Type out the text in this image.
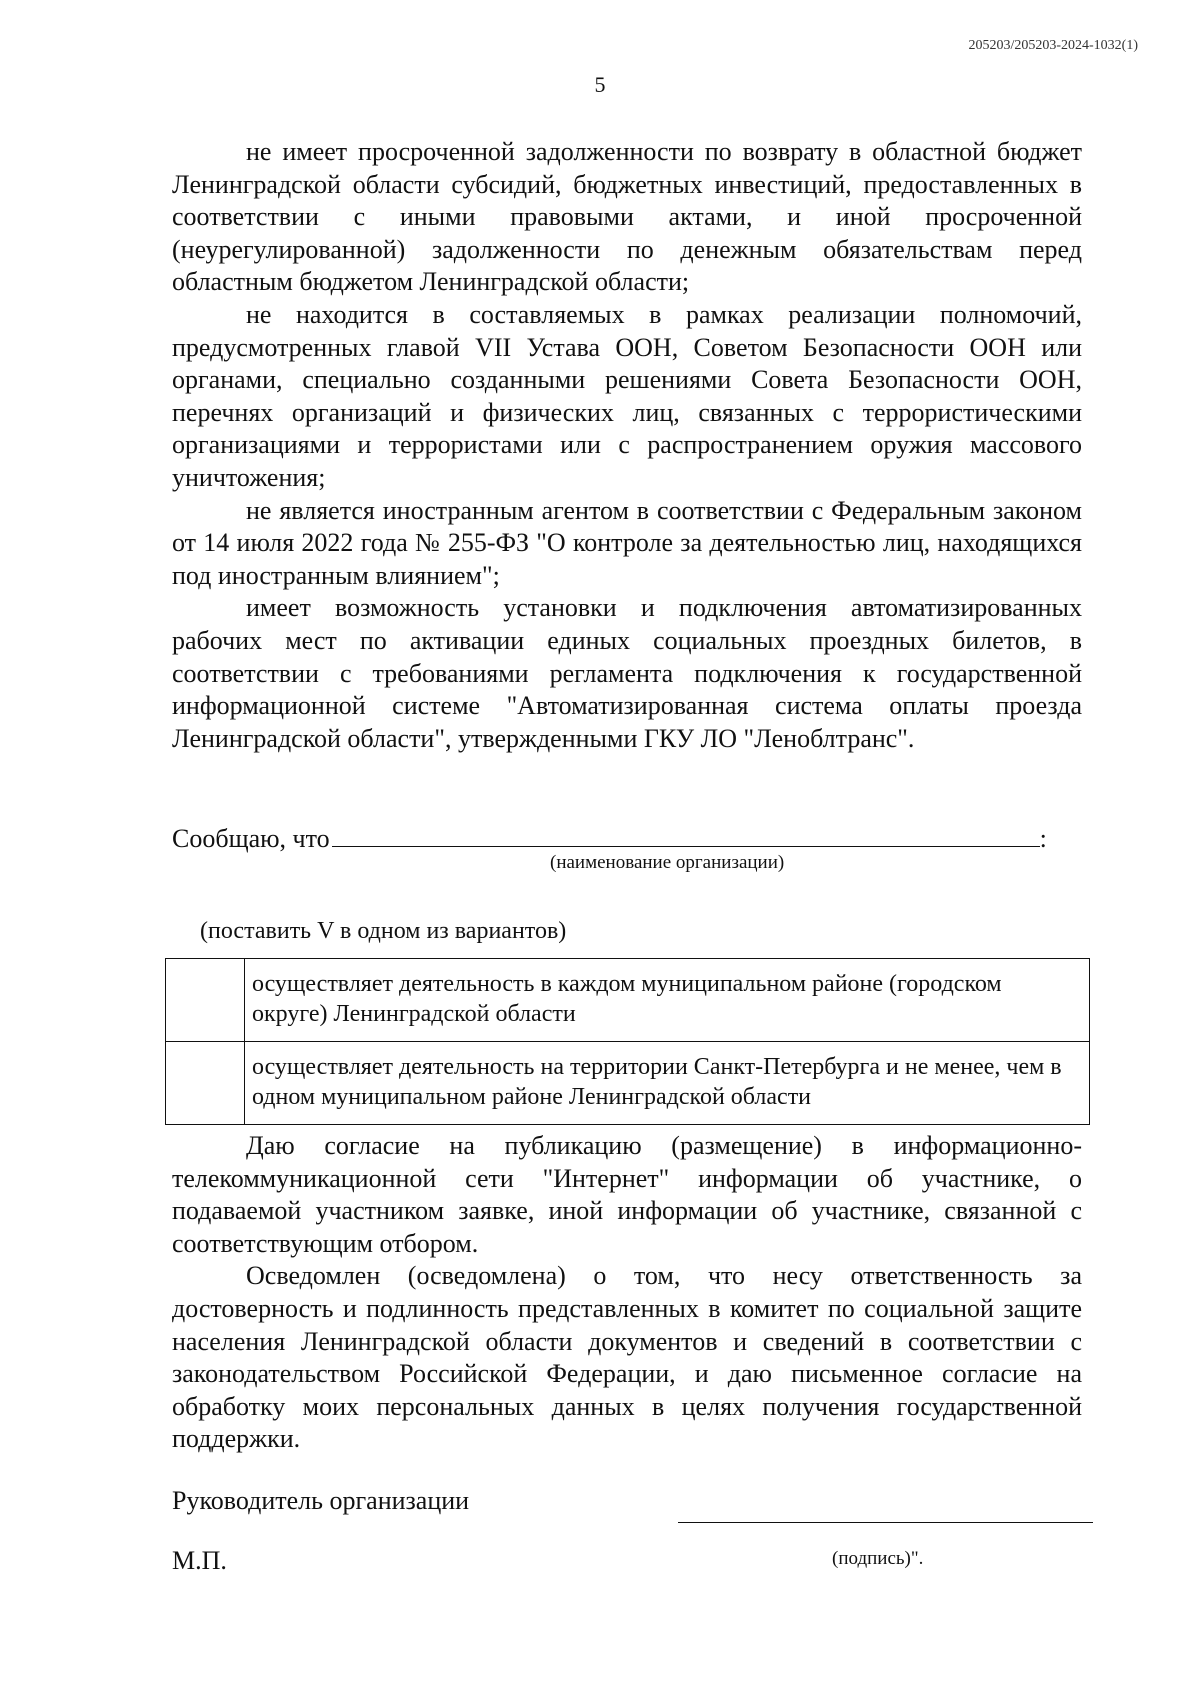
205203/205203-2024-1032(1)
5

не имеет просроченной задолженности по возврату в областной бюджет Ленинградской области субсидий, бюджетных инвестиций, предоставленных в соответствии с иными правовыми актами, и иной просроченной (неурегулированной) задолженности по денежным обязательствам перед областным бюджетом Ленинградской области;

не находится в составляемых в рамках реализации полномочий, предусмотренных главой VII Устава ООН, Советом Безопасности ООН или органами, специально созданными решениями Совета Безопасности ООН, перечнях организаций и физических лиц, связанных с террористическими организациями и террористами или с распространением оружия массового уничтожения;

не является иностранным агентом в соответствии с Федеральным законом от 14 июля 2022 года № 255-ФЗ "О контроле за деятельностью лиц, находящихся под иностранным влиянием";

имеет возможность установки и подключения автоматизированных рабочих мест по активации единых социальных проездных билетов, в соответствии с требованиями регламента подключения к государственной информационной системе "Автоматизированная система оплаты проезда Ленинградской области", утвержденными ГКУ ЛО "Леноблтранс".

Сообщаю, что	:
(наименование организации)
(поставить V в одном из вариантов)
	осуществляет деятельность в каждом муниципальном районе (городском округе) Ленинградской области
	осуществляет деятельность на территории Санкт-Петербурга и не менее, чем в одном муниципальном районе Ленинградской области

Даю согласие на публикацию (размещение) в информационно-телекоммуникационной сети "Интернет" информации об участнике, о подаваемой участником заявке, иной информации об участнике, связанной с соответствующим отбором.

Осведомлен (осведомлена) о том, что несу ответственность за достоверность и подлинность представленных в комитет по социальной защите населения Ленинградской области документов и сведений в соответствии с законодательством Российской Федерации, и даю письменное согласие на обработку моих персональных данных в целях получения государственной поддержки.

Руководитель организации
М.П.	(подпись)".
